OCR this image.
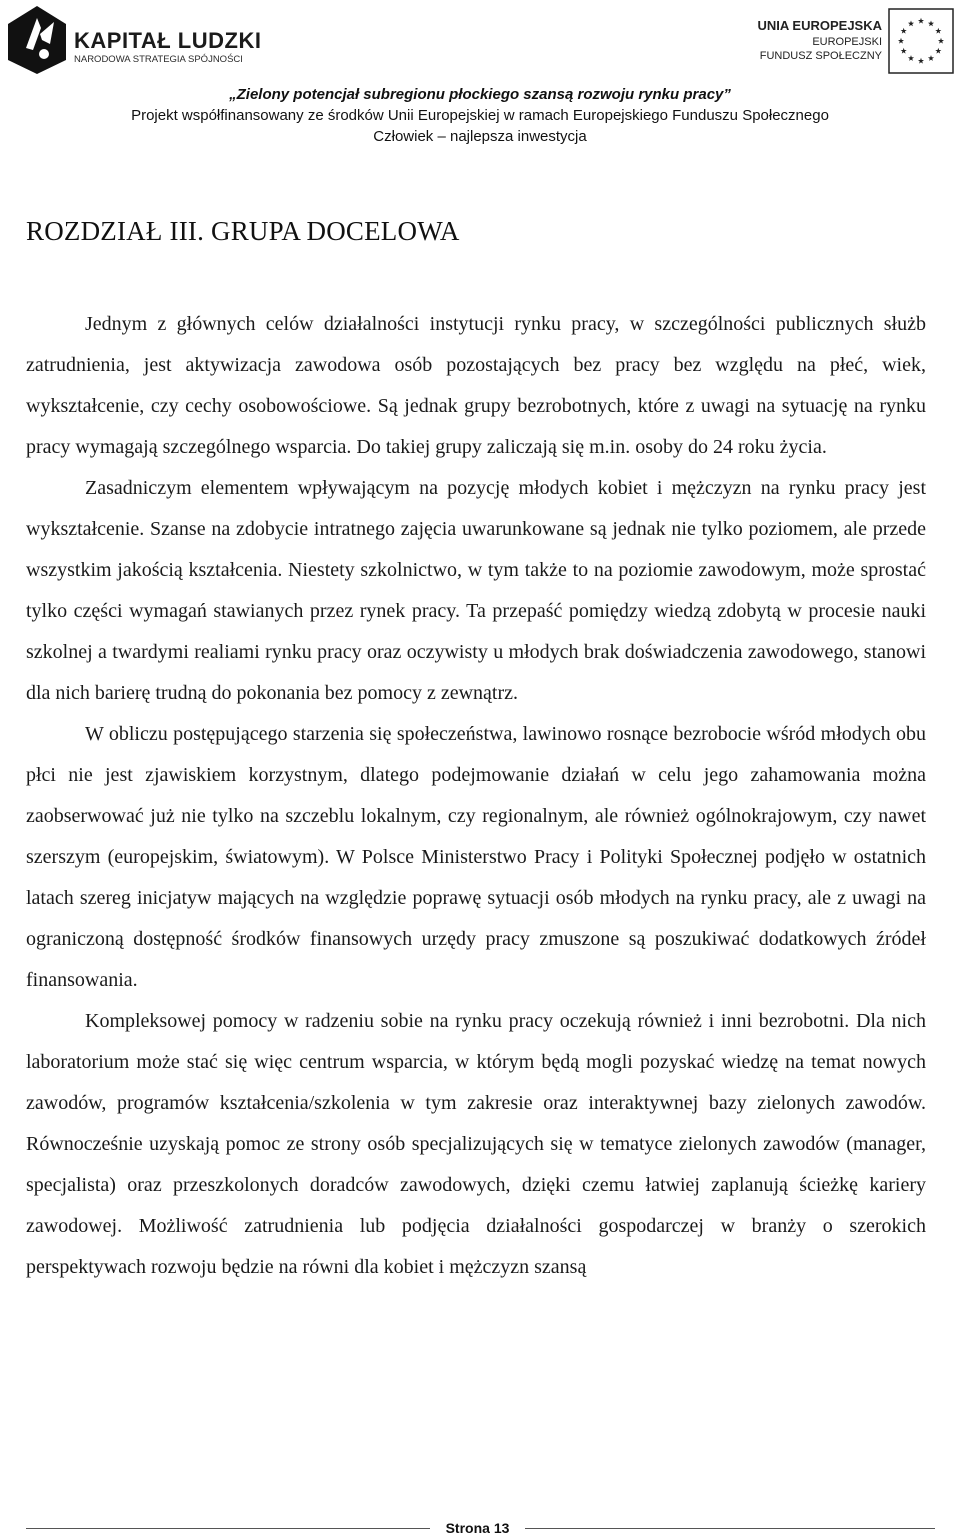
KAPITAŁ LUDZKI
NARODOWA STRATEGIA SPÓJNOŚCI
UNIA EUROPEJSKA
EUROPEJSKI
FUNDUSZ SPOŁECZNY
„Zielony potencjał subregionu płockiego szansą rozwoju rynku pracy”
Projekt współfinansowany ze środków Unii Europejskiej w ramach Europejskiego Funduszu Społecznego
Człowiek – najlepsza inwestycja
ROZDZIAŁ III. GRUPA DOCELOWA

Jednym z głównych celów działalności instytucji rynku pracy, w szczególności publicznych służb zatrudnienia, jest aktywizacja zawodowa osób pozostających bez pracy bez względu na płeć, wiek, wykształcenie, czy cechy osobowościowe. Są jednak grupy bezrobotnych, które z uwagi na sytuację na rynku pracy wymagają szczególnego wsparcia. Do takiej grupy zaliczają się m.in. osoby do 24 roku życia.

Zasadniczym elementem wpływającym na pozycję młodych kobiet i mężczyzn na rynku pracy jest wykształcenie. Szanse na zdobycie intratnego zajęcia uwarunkowane są jednak nie tylko poziomem, ale przede wszystkim jakością kształcenia. Niestety szkolnictwo, w tym także to na poziomie zawodowym, może sprostać tylko części wymagań stawianych przez rynek pracy. Ta przepaść pomiędzy wiedzą zdobytą w procesie nauki szkolnej a twardymi realiami rynku pracy oraz oczywisty u młodych brak doświadczenia zawodowego, stanowi dla nich barierę trudną do pokonania bez pomocy z zewnątrz.

W obliczu postępującego starzenia się społeczeństwa, lawinowo rosnące bezrobocie wśród młodych obu płci nie jest zjawiskiem korzystnym, dlatego podejmowanie działań w celu jego zahamowania można zaobserwować już nie tylko na szczeblu lokalnym, czy regionalnym, ale również ogólnokrajowym, czy nawet szerszym (europejskim, światowym). W Polsce Ministerstwo Pracy i Polityki Społecznej podjęło w ostatnich latach szereg inicjatyw mających na względzie poprawę sytuacji osób młodych na rynku pracy, ale z uwagi na ograniczoną dostępność środków finansowych urzędy pracy zmuszone są poszukiwać dodatkowych źródeł finansowania.

Kompleksowej pomocy w radzeniu sobie na rynku pracy oczekują również i inni bezrobotni. Dla nich laboratorium może stać się więc centrum wsparcia, w którym będą mogli pozyskać wiedzę na temat nowych zawodów, programów kształcenia/szkolenia w tym zakresie oraz interaktywnej bazy zielonych zawodów. Równocześnie uzyskają pomoc ze strony osób specjalizujących się w tematyce zielonych zawodów (manager, specjalista) oraz przeszkolonych doradców zawodowych, dzięki czemu łatwiej zaplanują ścieżkę kariery zawodowej. Możliwość zatrudnienia lub podjęcia działalności gospodarczej w branży o szerokich perspektywach rozwoju będzie na równi dla kobiet i mężczyzn szansą

Strona 13
